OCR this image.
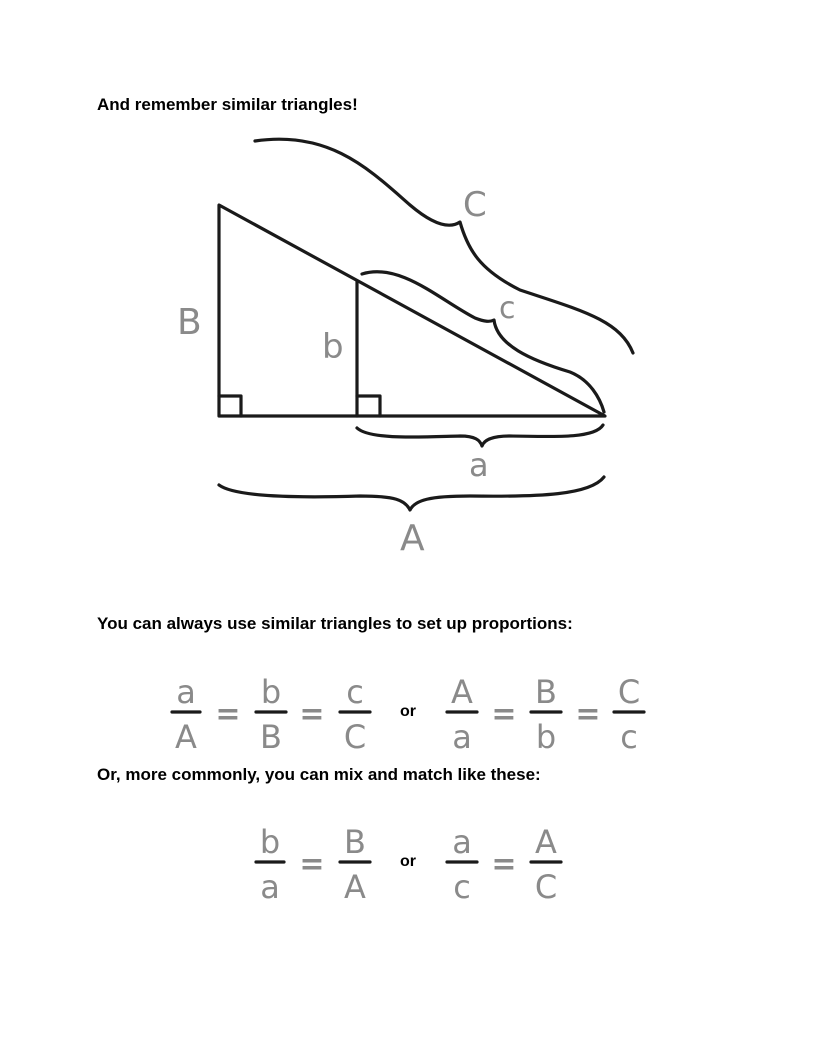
And remember similar triangles!
You can always use similar triangles to set up proportions:
Or, more commonly, you can mix and match like these:
C
c
B
b
a
A
a
A
=
b
B
=
c
C
or
A
a
=
B
b
=
C
c
b
a
=
B
A
or
a
c
=
A
C
